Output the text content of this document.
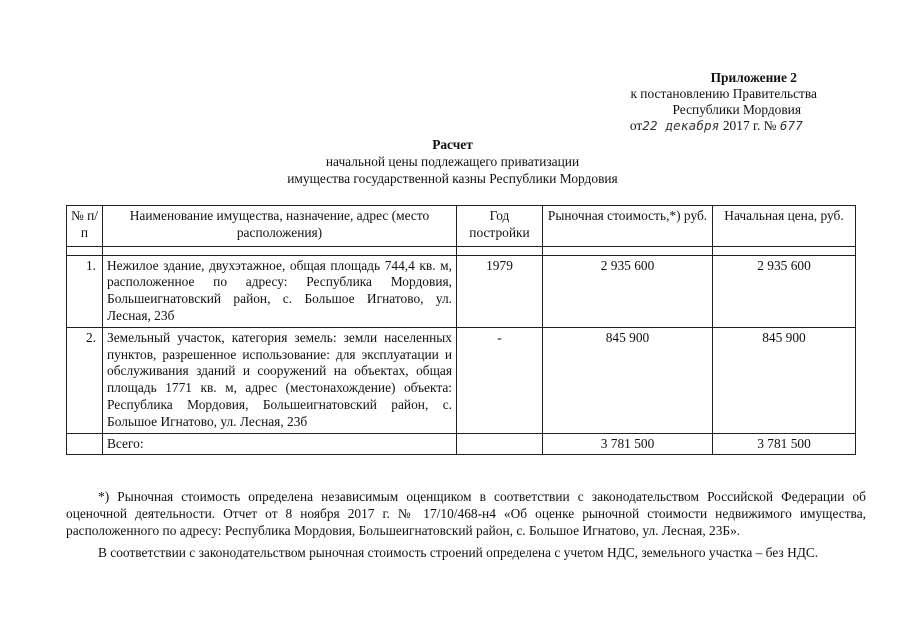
Приложение 2
к постановлению Правительства
Республики Мордовия
от22 декабря 2017 г. № 677
Расчет
начальной цены подлежащего приватизации
имущества государственной казны Республики Мордовия
№ п/п	Наименование имущества, назначение, адрес (место расположения)	Год постройки	Рыночная стоимость,*) руб.	Начальная цена, руб.

1.	Нежилое здание, двухэтажное, общая площадь 744,4 кв. м, расположенное по адресу: Республика Мордовия, Большеигнатовский район, с. Большое Игнатово, ул. Лесная, 23б	1979	2 935 600	2 935 600
2.	Земельный участок, категория земель: земли населенных пунктов, разрешенное использование: для эксплуатации и обслуживания зданий и сооружений на объектах, общая площадь 1771 кв. м, адрес (местонахождение) объекта: Республика Мордовия, Большеигнатовский район, с. Большое Игнатово, ул. Лесная, 23б	-	845 900	845 900
	Всего:		3 781 500	3 781 500

*) Рыночная стоимость определена независимым оценщиком в соответствии с законодательством Российской Федерации об оценочной деятельности. Отчет от 8 ноября 2017 г. № 17/10/468-н4 «Об оценке рыночной стоимости недвижимого имущества, расположенного по адресу: Республика Мордовия, Большеигнатовский район, с. Большое Игнатово, ул. Лесная, 23Б».

В соответствии с законодательством рыночная стоимость строений определена с учетом НДС, земельного участка – без НДС.
